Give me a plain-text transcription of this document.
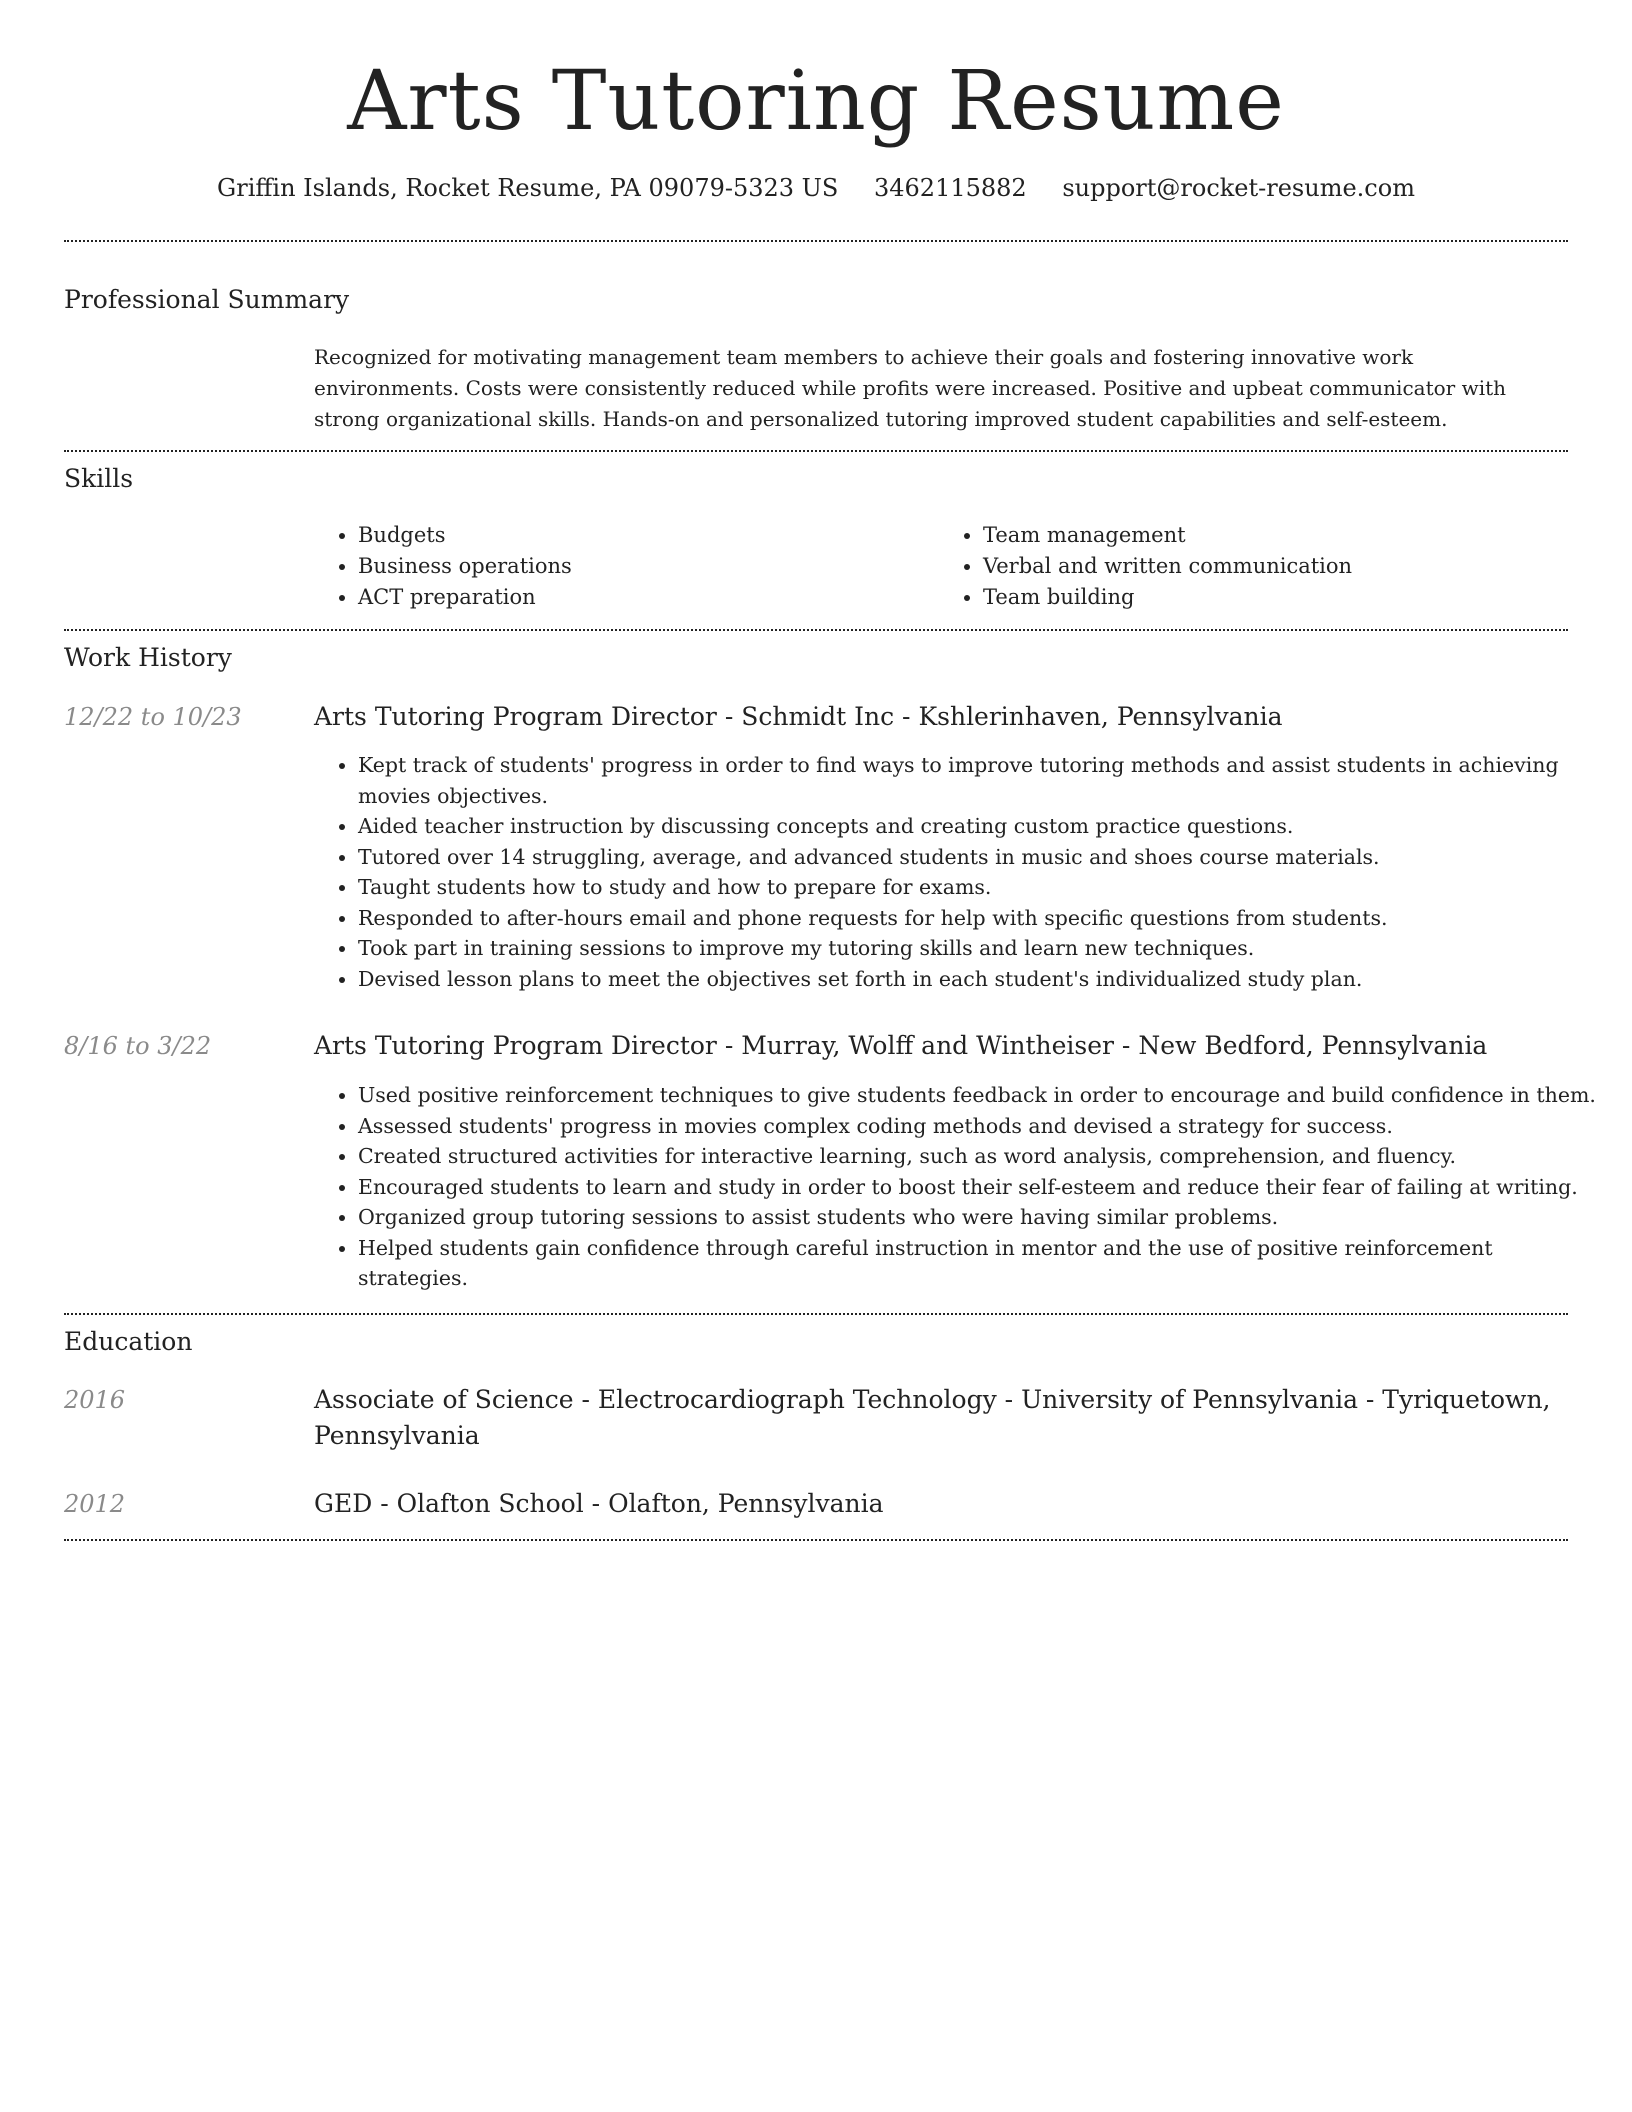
Arts Tutoring Resume
Griffin Islands, Rocket Resume, PA 09079-5323 US 3462115882 support@rocket-resume.com
Professional Summary

Recognized for motivating management team members to achieve their goals and fostering innovative work environments. Costs were consistently reduced while profits were increased. Positive and upbeat communicator with strong organizational skills. Hands-on and personalized tutoring improved student capabilities and self-esteem.

Skills
• Budgets
• Business operations
• ACT preparation
• Team management
• Verbal and written communication
• Team building
Work History
12/22 to 10/23	Arts Tutoring Program Director - Schmidt Inc - Kshlerinhaven, Pennsylvania
• Kept track of students' progress in order to find ways to improve tutoring methods and assist students in achieving movies objectives.
• Aided teacher instruction by discussing concepts and creating custom practice questions.
• Tutored over 14 struggling, average, and advanced students in music and shoes course materials.
• Taught students how to study and how to prepare for exams.
• Responded to after-hours email and phone requests for help with specific questions from students.
• Took part in training sessions to improve my tutoring skills and learn new techniques.
• Devised lesson plans to meet the objectives set forth in each student's individualized study plan.
8/16 to 3/22	Arts Tutoring Program Director - Murray, Wolff and Wintheiser - New Bedford, Pennsylvania
• Used positive reinforcement techniques to give students feedback in order to encourage and build confidence in them.
• Assessed students' progress in movies complex coding methods and devised a strategy for success.
• Created structured activities for interactive learning, such as word analysis, comprehension, and fluency.
• Encouraged students to learn and study in order to boost their self-esteem and reduce their fear of failing at writing.
• Organized group tutoring sessions to assist students who were having similar problems.
• Helped students gain confidence through careful instruction in mentor and the use of positive reinforcement strategies.
Education
2016	Associate of Science - Electrocardiograph Technology - University of Pennsylvania - Tyriquetown, Pennsylvania
2012	GED - Olafton School - Olafton, Pennsylvania
